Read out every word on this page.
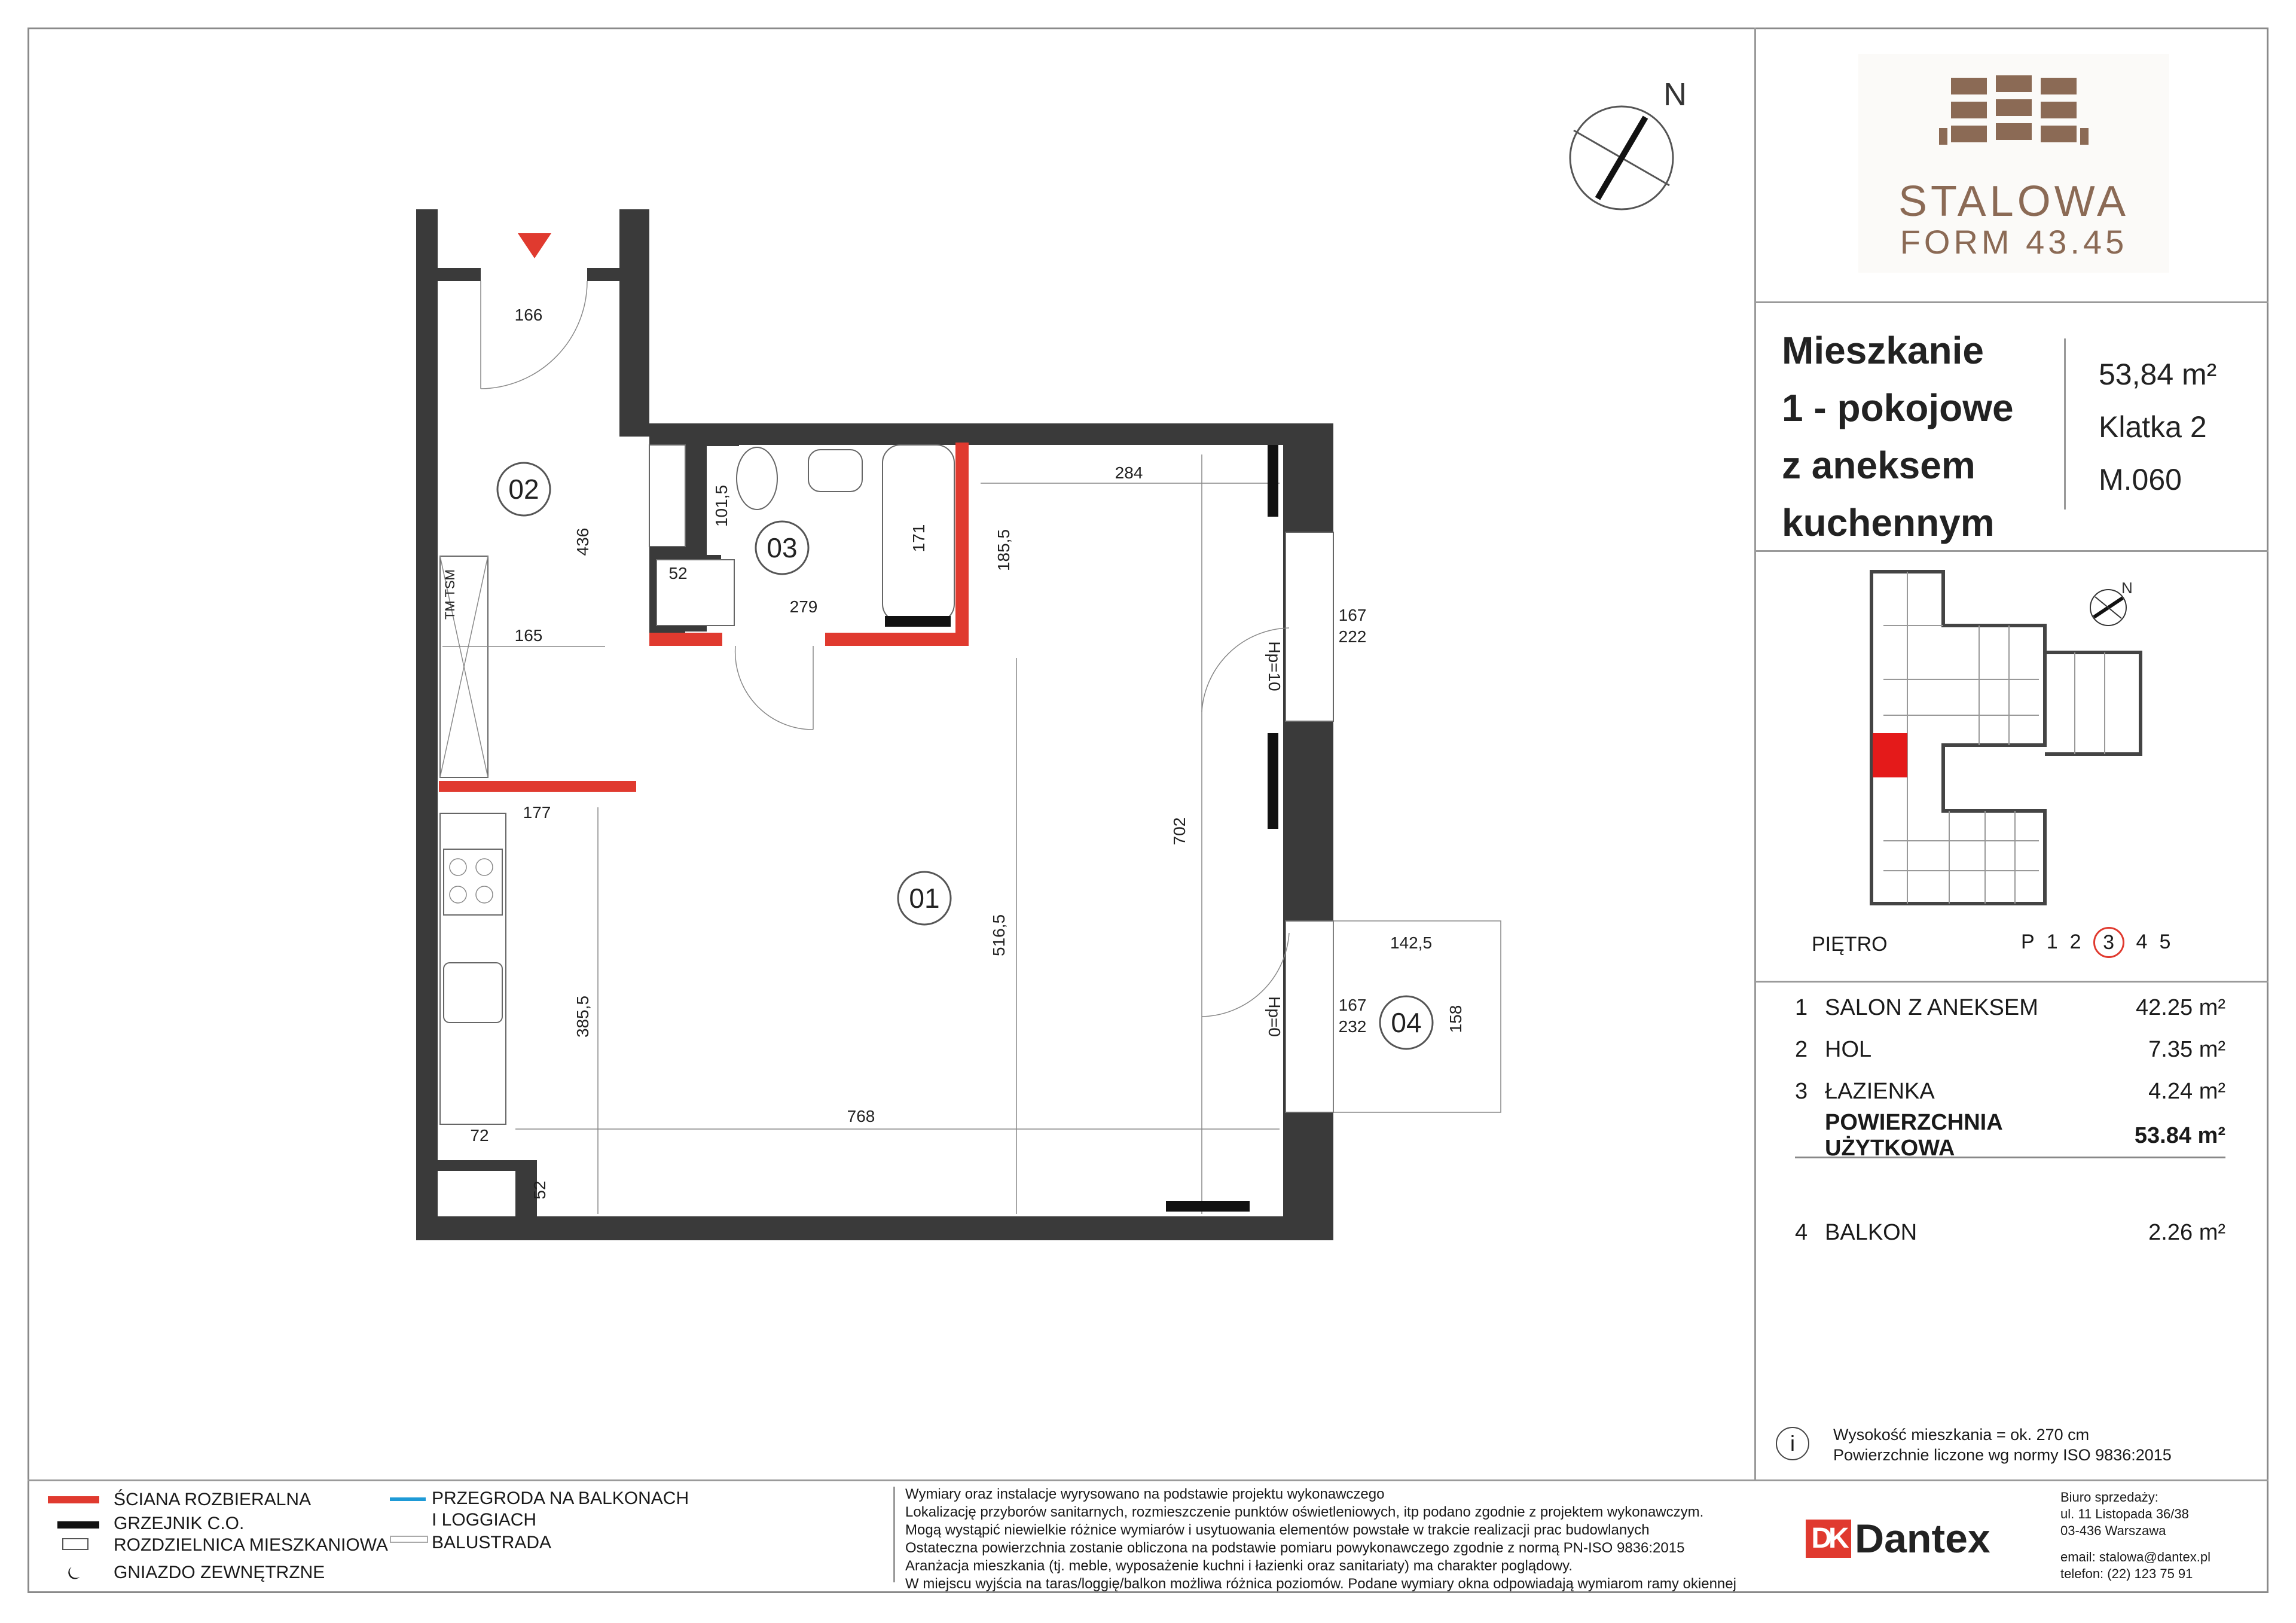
STALOWA
FORM 43.45
Mieszkanie
1 - pokojowe
z aneksem
kuchennym
53,84 m²
Klatka 2
M.060
N
PIĘTRO	P 1 2	3	4 5
1 SALON Z ANEKSEM	42.25 m²
2 HOL	7.35 m²
3 ŁAZIENKA	4.24 m²
POWIERZCHNIA UŻYTKOWA
53.84 m²
4 BALKON	2.26 m²
i	Wysokość mieszkania = ok. 270 cm
Powierzchnie liczone wg normy ISO 9836:2015
N
01
02
03
04
166
165
52
279
284
167
222
177
142,5
167
232
72
768
436
101,5
171	185,5
702
516,5
385,5	158
52
Hp=10
Hp=0
TM TSM
ŚCIANA ROZBIERALNA
GRZEJNIK C.O.
ROZDZIELNICA MIESZKANIOWA
⏾ GNIAZDO ZEWNĘTRZNE
PRZEGRODA NA BALKONACH
I LOGGIACH
BALUSTRADA
Wymiary oraz instalacje wyrysowano na podstawie projektu wykonawczego
Lokalizację przyborów sanitarnych, rozmieszczenie punktów oświetleniowych, itp podano zgodnie z projektem wykonawczym.
Mogą wystąpić niewielkie różnice wymiarów i usytuowania elementów powstałe w trakcie realizacji prac budowlanych
Ostateczna powierzchnia zostanie obliczona na podstawie pomiaru powykonawczego zgodnie z normą PN-ISO 9836:2015
Aranżacja mieszkania (tj. meble, wyposażenie kuchni i łazienki oraz sanitariaty) ma charakter poglądowy.
W miejscu wyjścia na taras/loggię/balkon możliwa różnica poziomów. Podane wymiary okna odpowiadają wymiarom ramy okiennej
DK Dantex
Biuro sprzedaży:
ul. 11 Listopada 36/38
03-436 Warszawa
email: stalowa@dantex.pl
telefon: (22) 123 75 91
